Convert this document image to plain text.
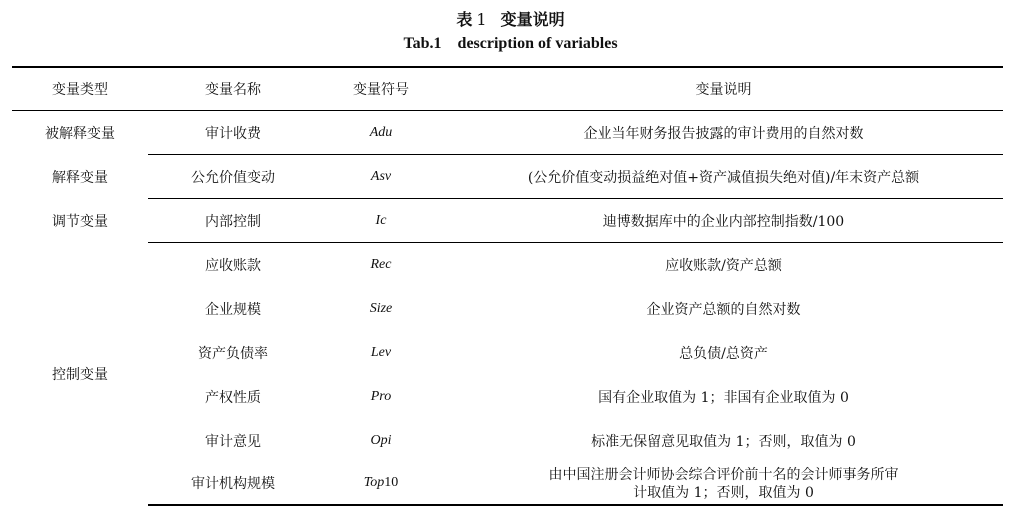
表 1 变量说明
Tab.1 description of variables
变量类型	变量名称	变量符号	变量说明
被解释变量	审计收费	Adu	企业当年财务报告披露的审计费用的自然对数
解释变量	公允价值变动	Asv	(公允价值变动损益绝对值+资产减值损失绝对值)/年末资产总额
调节变量	内部控制	Ic	迪博数据库中的企业内部控制指数/100
控制变量	应收账款	Rec	应收账款/资产总额
	企业规模	Size	企业资产总额的自然对数
	资产负债率	Lev	总负债/总资产
	产权性质	Pro	国有企业取值为 1；非国有企业取值为 0
	审计意见	Opi	标准无保留意见取值为 1；否则，取值为 0
	审计机构规模	Top10	由中国注册会计师协会综合评价前十名的会计师事务所审
计取值为 1；否则，取值为 0
